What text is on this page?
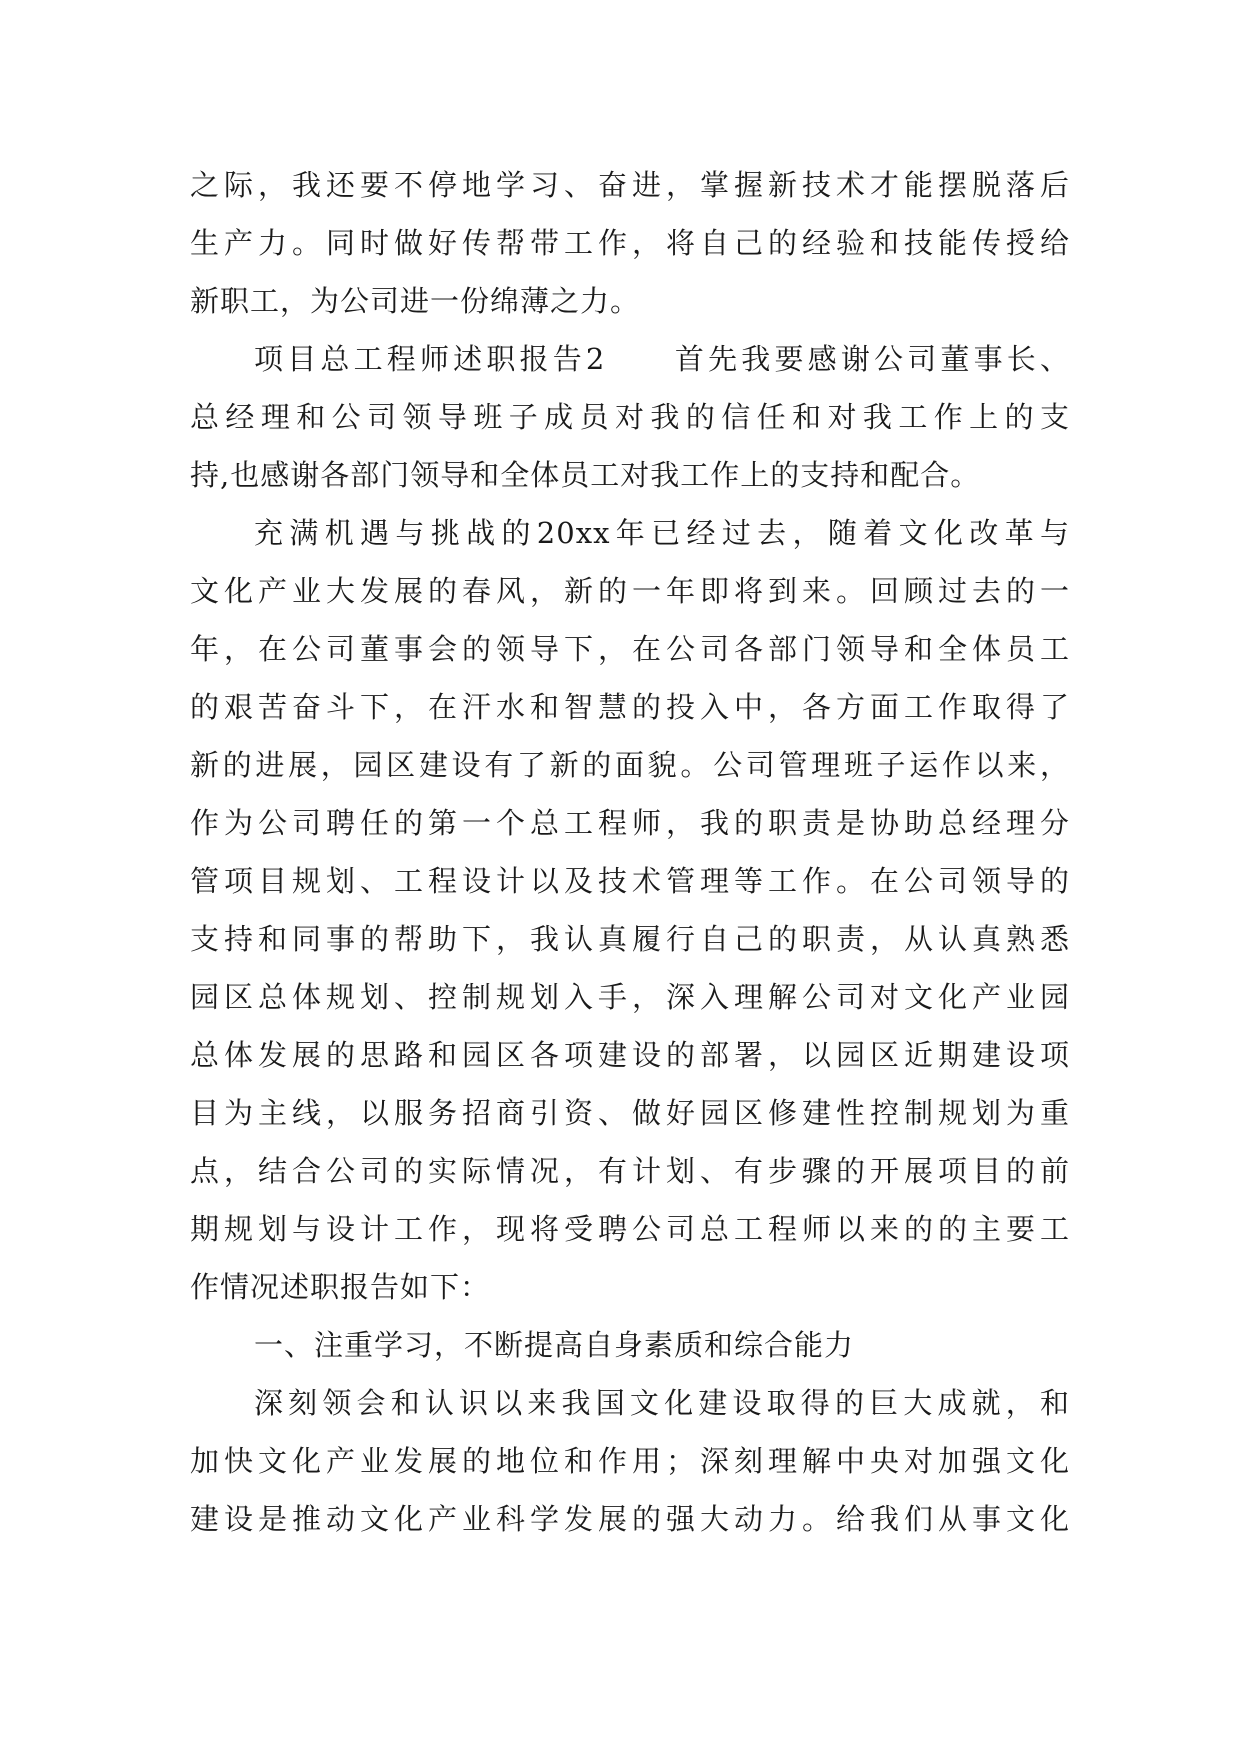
之际，我还要不停地学习、奋进，掌握新技术才能摆脱落后
生产力。同时做好传帮带工作，将自己的经验和技能传授给
新职工，为公司进一份绵薄之力。
项目总工程师述职报告2　　首先我要感谢公司董事长、
总经理和公司领导班子成员对我的信任和对我工作上的支
持,也感谢各部门领导和全体员工对我工作上的支持和配合。
充满机遇与挑战的20xx年已经过去，随着文化改革与
文化产业大发展的春风，新的一年即将到来。回顾过去的一
年，在公司董事会的领导下，在公司各部门领导和全体员工
的艰苦奋斗下，在汗水和智慧的投入中，各方面工作取得了
新的进展，园区建设有了新的面貌。公司管理班子运作以来，
作为公司聘任的第一个总工程师，我的职责是协助总经理分
管项目规划、工程设计以及技术管理等工作。在公司领导的
支持和同事的帮助下，我认真履行自己的职责，从认真熟悉
园区总体规划、控制规划入手，深入理解公司对文化产业园
总体发展的思路和园区各项建设的部署，以园区近期建设项
目为主线，以服务招商引资、做好园区修建性控制规划为重
点，结合公司的实际情况，有计划、有步骤的开展项目的前
期规划与设计工作，现将受聘公司总工程师以来的的主要工
作情况述职报告如下：
一、注重学习，不断提高自身素质和综合能力
深刻领会和认识以来我国文化建设取得的巨大成就，和
加快文化产业发展的地位和作用；深刻理解中央对加强文化
建设是推动文化产业科学发展的强大动力。给我们从事文化
